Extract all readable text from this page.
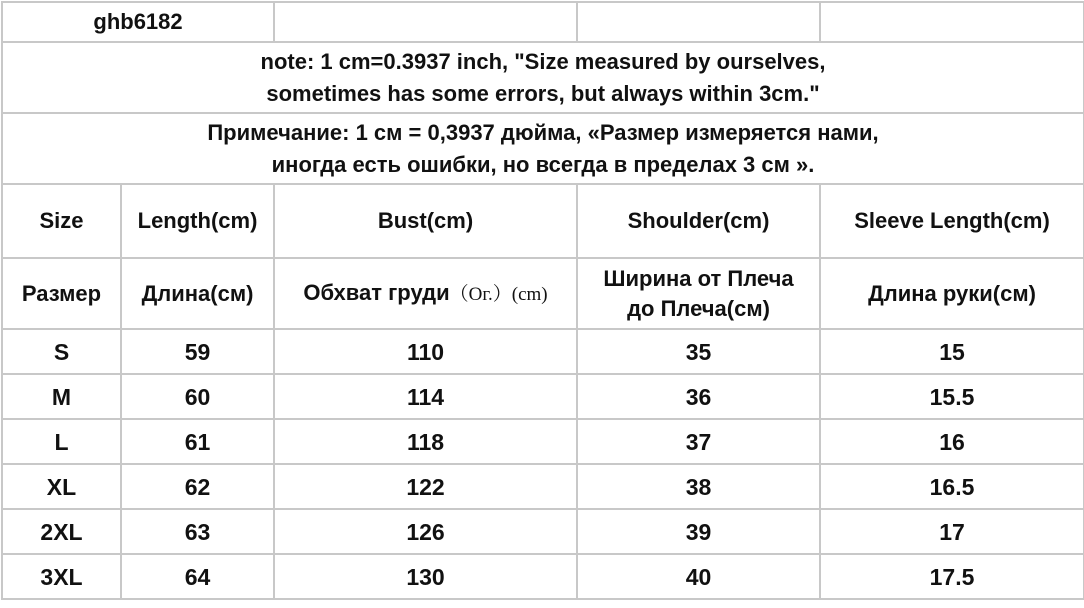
ghb6182				

note: 1 cm=0.3937 inch, "Size measured by ourselves,
sometimes has some errors, but always within 3cm."				

Примечание: 1 см = 0,3937 дюйма, «Размер измеряется нами,
иногда есть ошибки, но всегда в пределах 3 см ».				

Size	Length(cm)	Bust(cm)	Shoulder(cm)	Sleeve Length(cm)
Размер	Длина(см)	Обхват груди（Ог.）(cm)	Ширина от Плеча
до Плеча(см)	Длина руки(см)
S	59	110	35	15
M	60	114	36	15.5
L	61	118	37	16
XL	62	122	38	16.5
2XL	63	126	39	17
3XL	64	130	40	17.5
